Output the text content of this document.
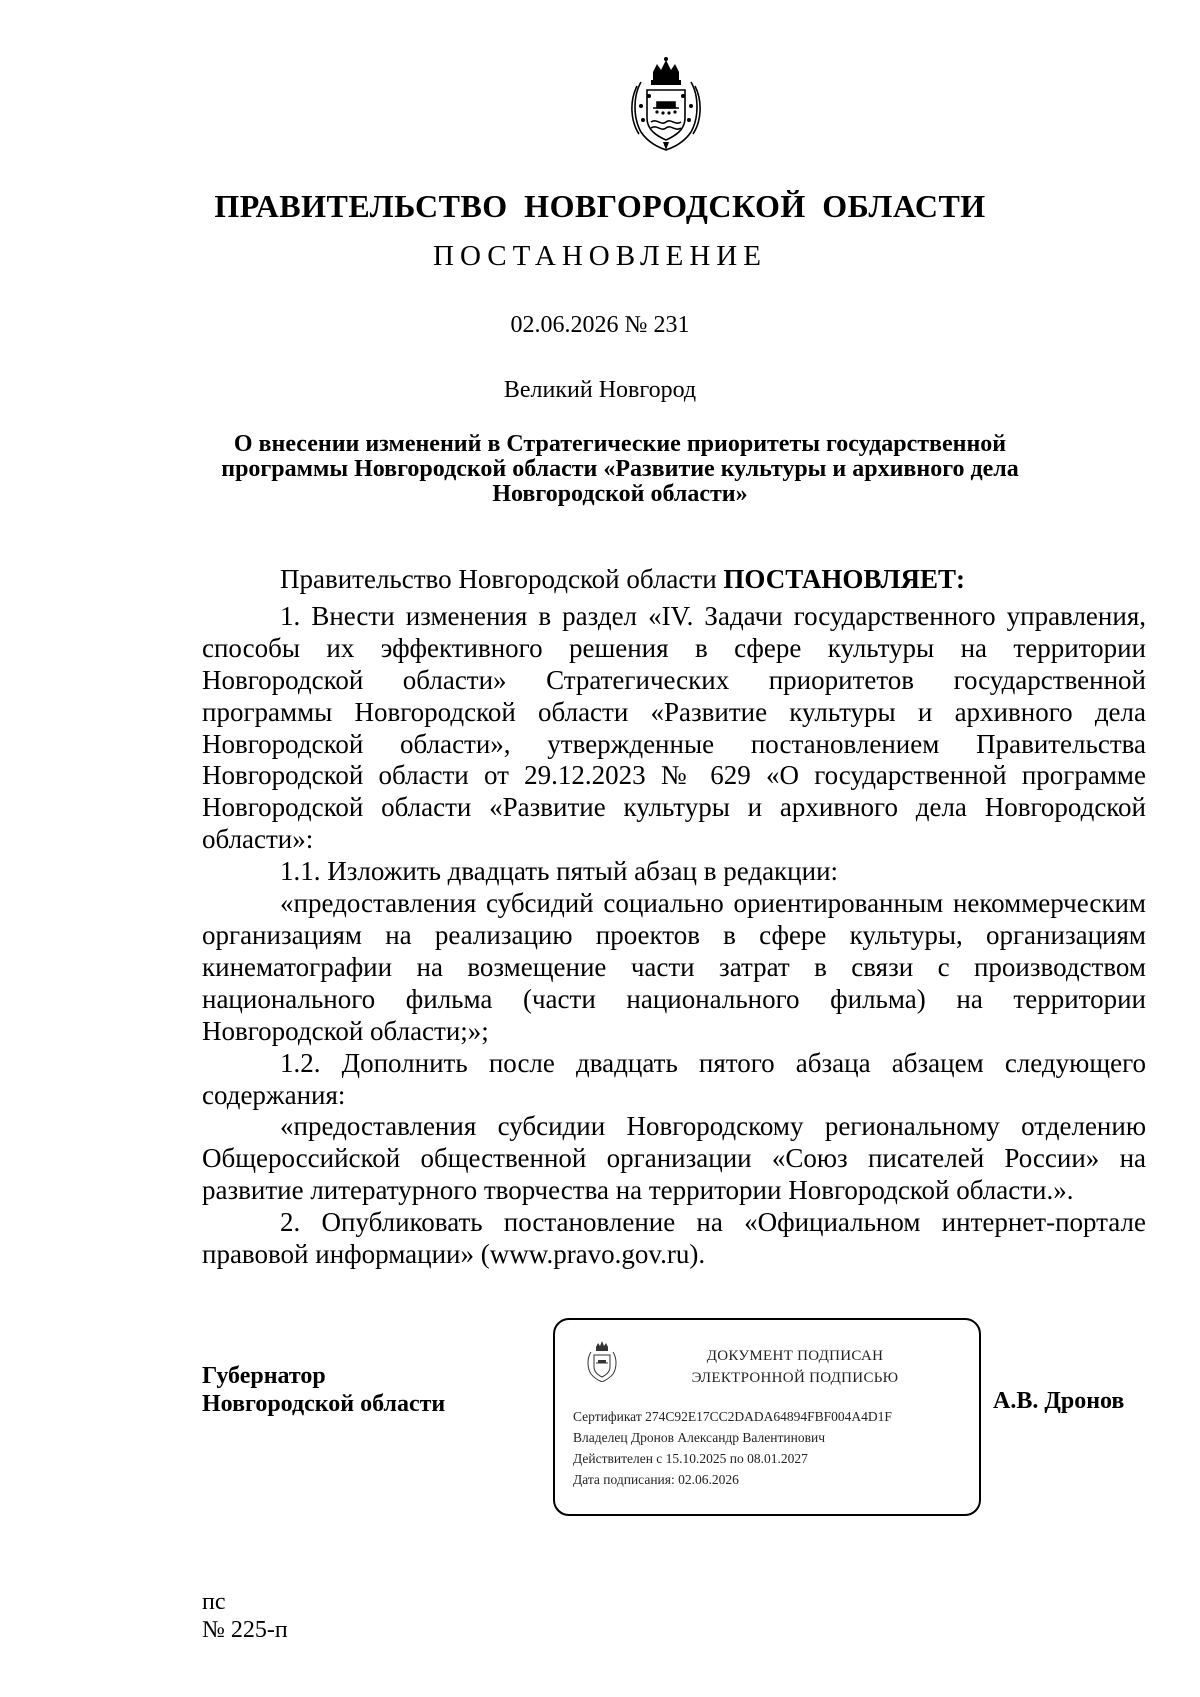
ПРАВИТЕЛЬСТВО НОВГОРОДСКОЙ ОБЛАСТИ
ПОСТАНОВЛЕНИЕ
02.06.2026 № 231
Великий Новгород
О внесении изменений в Стратегические приоритеты государственной
программы Новгородской области «Развитие культуры и архивного дела
Новгородской области»

Правительство Новгородской области ПОСТАНОВЛЯЕТ:

1. Внести изменения в раздел «IV. Задачи государственного управления, способы их эффективного решения в сфере культуры на территории Новгородской области» Стратегических приоритетов государственной программы Новгородской области «Развитие культуры и архивного дела Новгородской области», утвержденные постановлением Правительства Новгородской области от 29.12.2023 № 629 «О государственной программе Новгородской области «Развитие культуры и архивного дела Новгородской области»:

1.1. Изложить двадцать пятый абзац в редакции:

«предоставления субсидий социально ориентированным некоммерческим организациям на реализацию проектов в сфере культуры, организациям кинематографии на возмещение части затрат в связи с производством национального фильма (части национального фильма) на территории Новгородской области;»;

1.2. Дополнить после двадцать пятого абзаца абзацем следующего содержания:

«предоставления субсидии Новгородскому региональному отделению Общероссийской общественной организации «Союз писателей России» на развитие литературного творчества на территории Новгородской области.».

2. Опубликовать постановление на «Официальном интернет-портале правовой информации» (www.pravo.gov.ru).

Губернатор
Новгородской области
ДОКУМЕНТ ПОДПИСАН
ЭЛЕКТРОННОЙ ПОДПИСЬЮ
Сертификат 274C92E17CC2DADA64894FBF004A4D1F
Владелец Дронов Александр Валентинович
Действителен с 15.10.2025 по 08.01.2027
Дата подписания: 02.06.2026
А.В. Дронов
пс
№ 225-п
